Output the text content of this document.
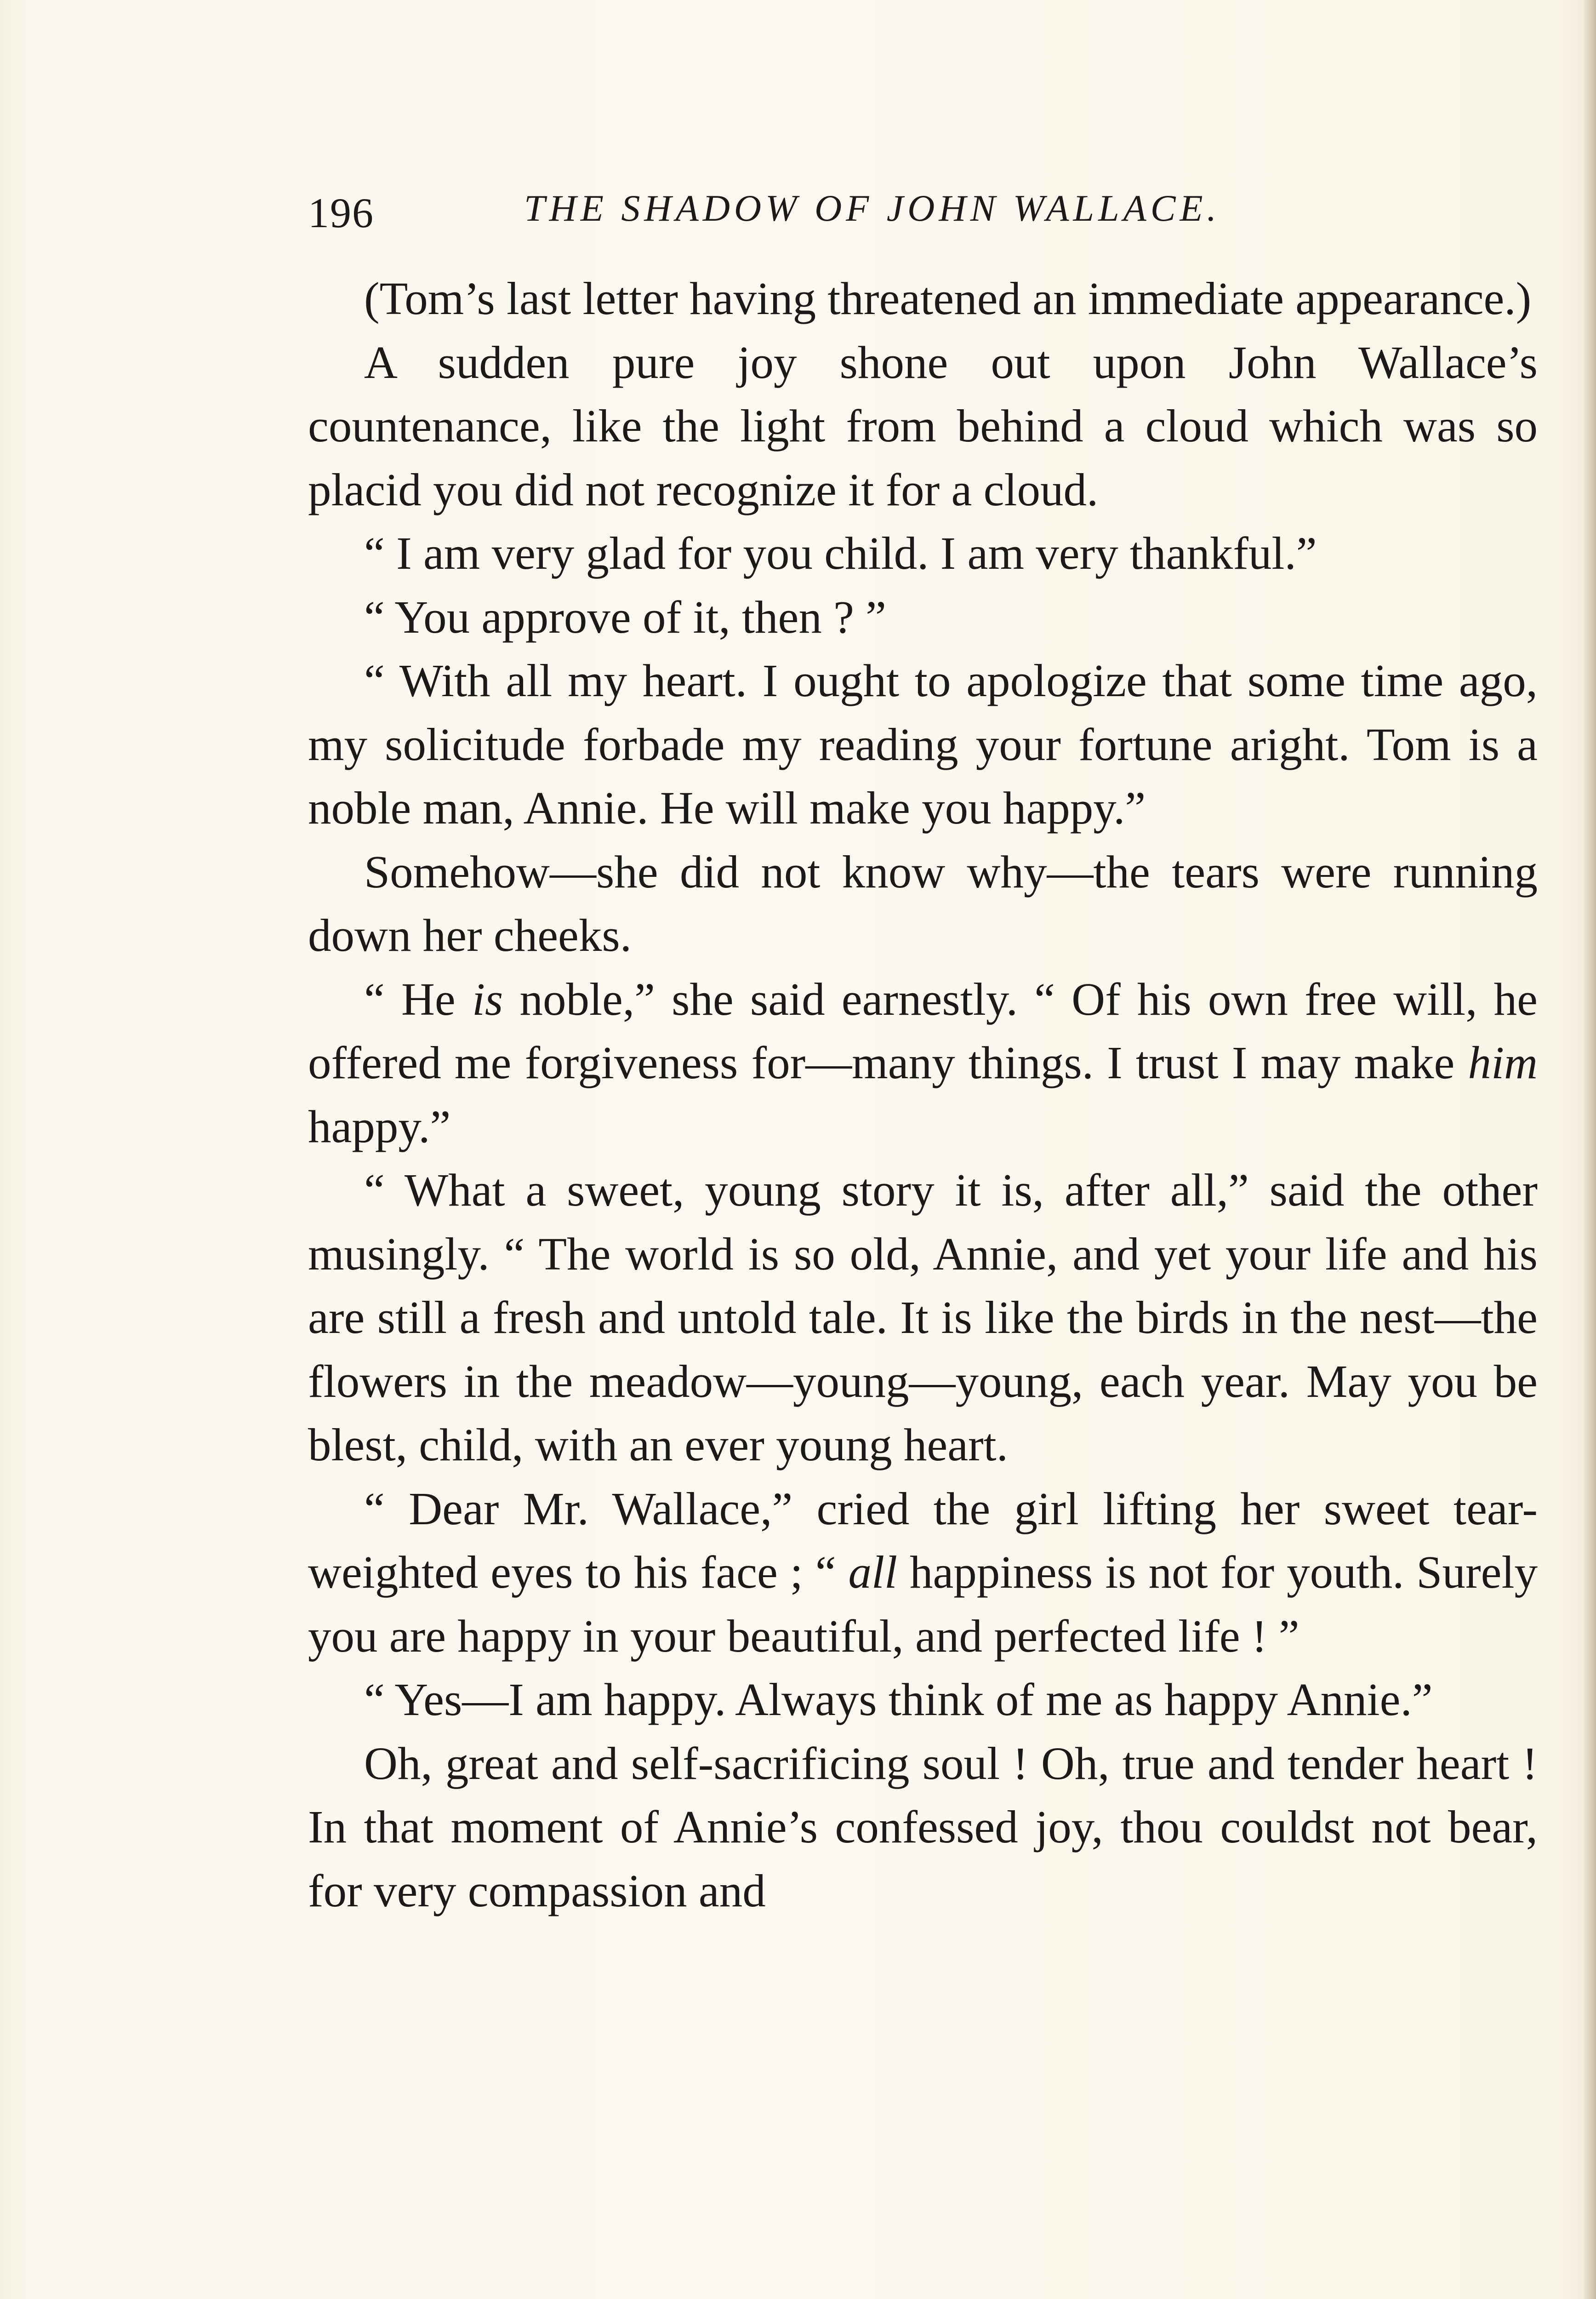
196	THE SHADOW OF JOHN WALLACE.

(Tom’s last letter having threatened an immediate appearance.)

A sudden pure joy shone out upon John Wallace’s countenance, like the light from behind a cloud which was so placid you did not recognize it for a cloud.

“ I am very glad for you child. I am very thankful.”

“ You approve of it, then ? ”

“ With all my heart. I ought to apologize that some time ago, my solicitude forbade my reading your fortune aright. Tom is a noble man, Annie. He will make you happy.”

Somehow—she did not know why—the tears were running down her cheeks.

“ He is noble,” she said earnestly. “ Of his own free will, he offered me forgiveness for—many things. I trust I may make him happy.”

“ What a sweet, young story it is, after all,” said the other musingly. “ The world is so old, Annie, and yet your life and his are still a fresh and untold tale. It is like the birds in the nest—the flowers in the meadow—young—young, each year. May you be blest, child, with an ever young heart.

“ Dear Mr. Wallace,” cried the girl lifting her sweet tear-weighted eyes to his face ; “ all happiness is not for youth. Surely you are happy in your beautiful, and perfected life ! ”

“ Yes—I am happy. Always think of me as happy Annie.”

Oh, great and self-sacrificing soul ! Oh, true and tender heart ! In that moment of Annie’s confessed joy, thou couldst not bear, for very compassion and
